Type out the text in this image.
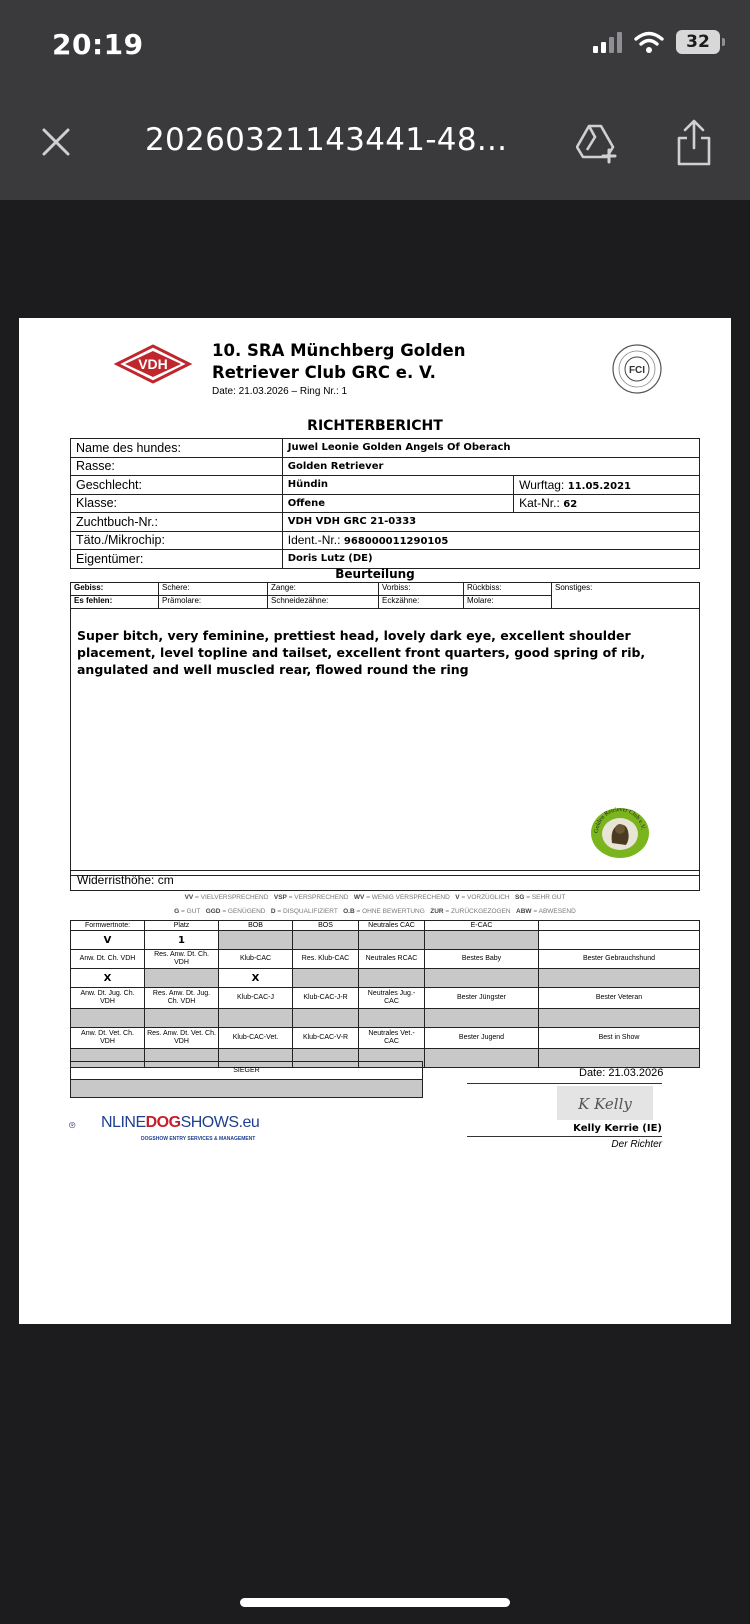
20:19	32
20260321143441-48...
VDH
10. SRA Münchberg Golden Retriever Club GRC e. V.
Date: 21.03.2026 – Ring Nr.: 1
FCI
RICHTERBERICHT
Name des hundes:	Juwel Leonie Golden Angels Of Oberach	
Rasse:	Golden Retriever	
Geschlecht:	Hündin	Wurftag: 11.05.2021
Klasse:	Offene	Kat-Nr.: 62
Zuchtbuch-Nr.:	VDH VDH GRC 21-0333	
Täto./Mikrochip:	Ident.-Nr.: 968000011290105	
Eigentümer:	Doris Lutz (DE)	
Beurteilung
Gebiss:	Schere:	Zange:	Vorbiss:	Rückbiss:	Sonstiges:
Es fehlen:	Prämolare:	Schneidezähne:	Eckzähne:	Molare:	
Super bitch, very feminine, prettiest head, lovely dark eye, excellent shoulder placement, level topline and tailset, excellent front quarters, good spring of rib, angulated and well muscled rear, flowed round the ring
Golden Retriever Club e.V.
Widerristhöhe: cm
VV = VIELVERSPRECHEND VSP = VERSPRECHEND WV = WENIG VERSPRECHEND V = VORZÜGLICH SG = SEHR GUT
G = GUT GGD = GENÜGEND D = DISQUALIFIZIERT O.B = OHNE BEWERTUNG ZUR = ZURÜCKGEZOGEN ABW = ABWESEND
Formwertnote:	Platz	BOB	BOS	Neutrales CAC	E-CAC	
V	1					
Anw. Dt. Ch. VDH	Res. Anw. Dt. Ch. VDH	Klub-CAC	Res. Klub-CAC	Neutrales RCAC	Bestes Baby	Bester Gebrauchshund
X		X				
Anw. Dt. Jug. Ch. VDH	Res. Anw. Dt. Jug. Ch. VDH	Klub-CAC-J	Klub-CAC-J-R	Neutrales Jug.-CAC	Bester Jüngster	Bester Veteran

Anw. Dt. Vet. Ch. VDH	Res. Anw. Dt. Vet. Ch. VDH	Klub-CAC-Vet.	Klub-CAC-V-R	Neutrales Vet.-CAC	Bester Jugend	Best in Show

SIEGER	Date: 21.03.2026
K Kelly
Kelly Kerrie (IE)
Der Richter
NLINEDOGSHOWS.eu
DOGSHOW ENTRY SERVICES & MANAGEMENT
